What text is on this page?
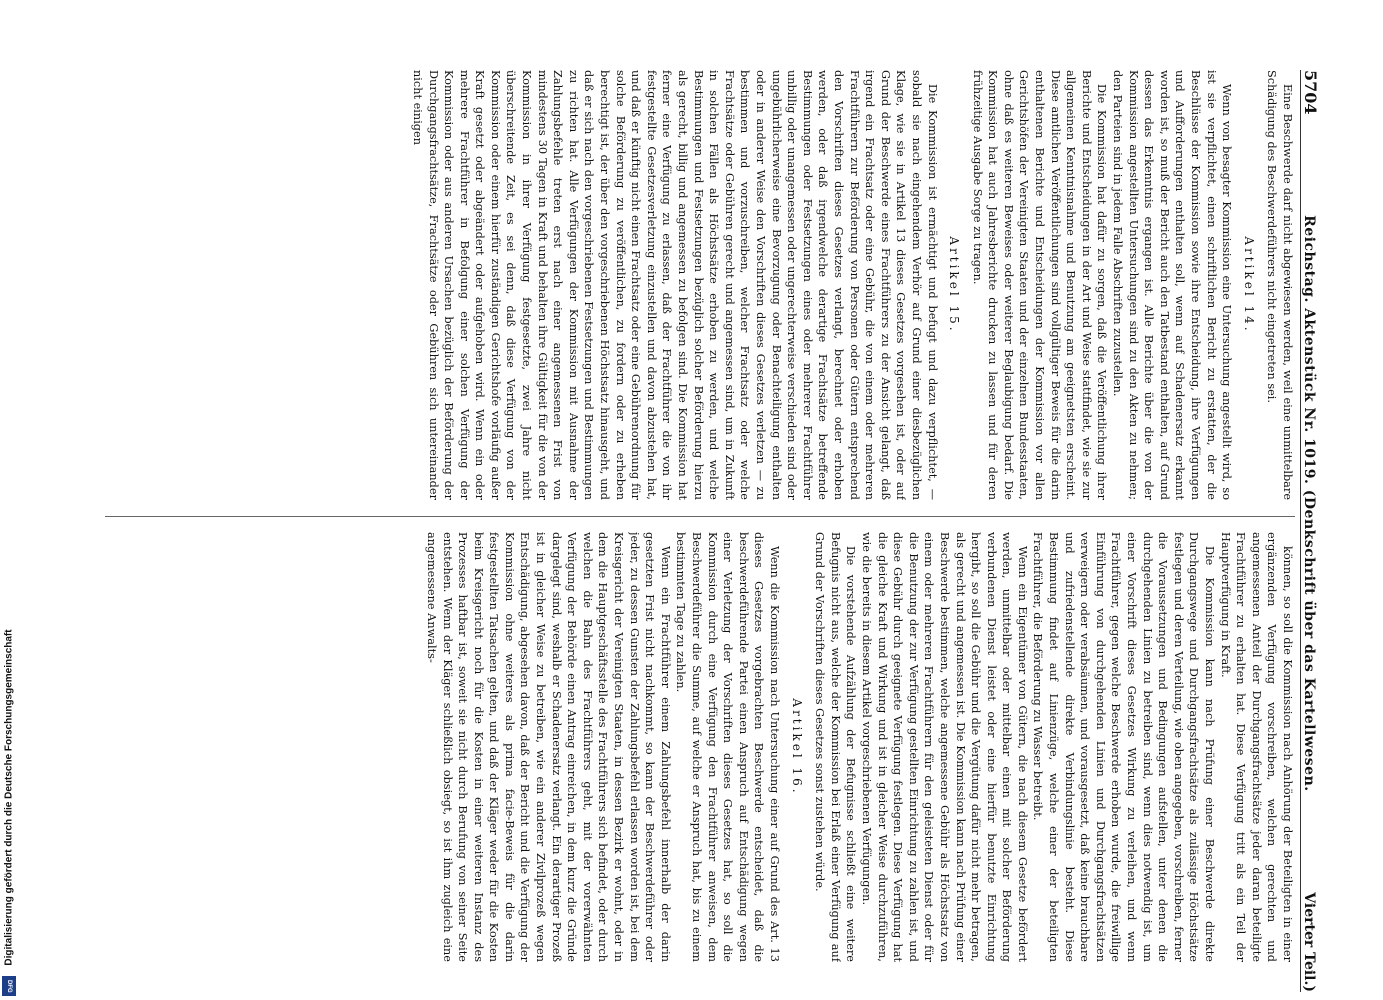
Digitalisierung gefördert durch die Deutsche Forschungsgemeinschaft
DFG
5704
Reichstag. Aktenstück Nr. 1019. (Denkschrift über das Kartellwesen.
Vierter Teil.)

Eine Beschwerde darf nicht abgewiesen werden, weil eine unmittelbare Schädigung des Beschwerdeführers nicht eingetreten sei.

Artikel 14.

Wenn von besagter Kommission eine Untersuchung angestellt wird, so ist sie verpflichtet, einen schriftlichen Bericht zu erstatten, der die Beschlüsse der Kommission sowie ihre Entscheidung, ihre Verfügungen und Aufforderungen enthalten soll, wenn auf Schadenersatz erkannt worden ist, so muß der Bericht auch den Tatbestand enthalten, auf Grund dessen das Erkenntnis ergangen ist. Alle Berichte über die von der Kommission angestellten Untersuchungen sind zu den Akten zu nehmen; den Parteien sind in jedem Falle Abschriften zuzustellen.

Die Kommission hat dafür zu sorgen, daß die Veröffentlichung ihrer Berichte und Entscheidungen in der Art und Weise stattfindet, wie sie zur allgemeinen Kenntnisnahme und Benutzung am geeignetsten erscheint. Diese amtlichen Veröffentlichungen sind vollgültiger Beweis für die darin enthaltenen Berichte und Entscheidungen der Kommission vor allen Gerichtshöfen der Vereinigten Staaten und der einzelnen Bundesstaaten, ohne daß es weiteren Beweises oder weiterer Beglaubigung bedarf. Die Kommission hat auch Jahresberichte drucken zu lassen und für deren frühzeitige Ausgabe Sorge zu tragen.

Artikel 15.

Die Kommission ist ermächtigt und befugt und dazu verpflichtet, — sobald sie nach eingehendem Verhör auf Grund einer diesbezüglichen Klage, wie sie in Artikel 13 dieses Gesetzes vorgesehen ist, oder auf Grund der Beschwerde eines Frachtführers zu der Ansicht gelangt, daß irgend ein Frachtsatz oder eine Gebühr, die von einem oder mehreren Frachtführern zur Beförderung von Personen oder Gütern entsprechend den Vorschriften dieses Gesetzes verlangt, berechnet oder erhoben werden, oder daß irgendwelche derartige Frachtsätze betreffende Bestimmungen oder Festsetzungen eines oder mehrerer Frachtführer unbillig oder unangemessen oder ungerechterweise verschieden sind oder ungebührlicherweise eine Bevorzugung oder Benachteiligung enthalten oder in anderer Weise den Vorschriften dieses Gesetzes verletzen — zu bestimmen und vorzuschreiben, welcher Frachtsatz oder welche Frachtsätze oder Gebühren gerecht und angemessen sind, um in Zukunft in solchen Fällen als Höchstsätze erhoben zu werden, und welche Bestimmungen und Festsetzungen bezüglich solcher Beförderung hierzu als gerecht, billig und angemessen zu befolgen sind. Die Kommission hat ferner eine Verfügung zu erlassen, daß der Frachtführer die von ihr festgestellte Gesetzesverletzung einzustellen und davon abzustehen hat, und daß er künftig nicht einen Frachtsatz oder eine Gebührenordnung für solche Beförderung zu veröffentlichen, zu fordern oder zu erheben berechtigt ist, der über den vorgeschriebenen Höchstsatz hinausgeht, und daß er sich nach den vorgeschriebenen Festsetzungen und Bestimmungen zu richten hat. Alle Verfügungen der Kommission mit Ausnahme der Zahlungsbefehle treten erst nach einer angemessenen Frist von mindestens 30 Tagen in Kraft und behalten ihre Gültigkeit für die von der Kommission in ihrer Verfügung festgesetzte, zwei Jahre nicht überschreitende Zeit, es sei denn, daß diese Verfügung von der Kommission oder einem hierfür zuständigen Gerichtshofe vorläufig außer Kraft gesetzt oder abgeändert oder aufgehoben wird. Wenn ein oder mehrere Frachtführer in Befolgung einer solchen Verfügung der Kommission oder aus anderen Ursachen bezüglich der Beförderung der Durchgangsfrachtsätze, Frachtsätze oder Gebühren sich untereinander nicht einigen

können, so soll die Kommission nach Anhörung der Beteiligten in einer ergänzenden Verfügung vorschreiben, welchen gerechten und angemessenen Anteil der Durchgangsfrachtsätze jeder daran beteiligte Frachtführer zu erhalten hat. Diese Verfügung tritt als ein Teil der Hauptverfügung in Kraft.

Die Kommission kann nach Prüfung einer Beschwerde direkte Durchgangswege und Durchgangsfrachtsätze als zulässige Höchstsätze festlegen und deren Verteilung, wie oben angegeben, vorschreiben, ferner die Voraussetzungen und Bedingungen aufstellen, unter denen die durchgehenden Linien zu betreiben sind, wenn dies notwendig ist, um einer Vorschrift dieses Gesetzes Wirkung zu verleihen, und wenn Frachtführer, gegen welche Beschwerde erhoben wurde, die freiwillige Einführung von durchgehenden Linien und Durchgangsfrachtsätzen verweigern oder verabsäumen, und vorausgesetzt, daß keine brauchbare und zufriedenstellende direkte Verbindungslinie besteht. Diese Bestimmung findet auf Linienzüge, welche einer der beteiligten Frachtführer, die Beförderung zu Wasser betreibt.

Wenn ein Eigentümer von Gütern, die nach diesem Gesetze befördert werden, unmittelbar oder mittelbar einen mit solcher Beförderung verbundenen Dienst leistet oder eine hierfür benutzte Einrichtung hergibt, so soll die Gebühr und die Vergütung dafür nicht mehr betragen, als gerecht und angemessen ist. Die Kommission kann nach Prüfung einer Beschwerde bestimmen, welche angemessene Gebühr als Höchstsatz von einem oder mehreren Frachtführern für den geleisteten Dienst oder für die Benutzung der zur Verfügung gestellten Einrichtung zu zahlen ist, und diese Gebühr durch geeignete Verfügung festlegen. Diese Verfügung hat die gleiche Kraft und Wirkung und ist in gleicher Weise durchzuführen, wie die bereits in diesem Artikel vorgeschriebenen Verfügungen.

Die vorstehende Aufzählung der Befugnisse schließt eine weitere Befugnis nicht aus, welche der Kommission bei Erlaß einer Verfügung auf Grund der Vorschriften dieses Gesetzes sonst zustehen würde.

Artikel 16.

Wenn die Kommission nach Untersuchung einer auf Grund des Art. 13 dieses Gesetzes vorgebrachten Beschwerde entscheidet, daß die beschwerdeführende Partei einen Anspruch auf Entschädigung wegen einer Verletzung der Vorschriften dieses Gesetzes hat, so soll die Kommission durch eine Verfügung den Frachtführer anweisen, dem Beschwerdeführer die Summe, auf welche er Anspruch hat, bis zu einem bestimmten Tage zu zahlen.

Wenn ein Frachtführer einem Zahlungsbefehl innerhalb der darin gesetzten Frist nicht nachkommt, so kann der Beschwerdeführer oder jeder, zu dessen Gunsten der Zahlungsbefehl erlassen worden ist, bei dem Kreisgericht der Vereinigten Staaten, in dessen Bezirk er wohnt, oder in dem die Hauptgeschäftsstelle des Frachtführers sich befindet, oder durch welchen die Bahn des Frachtführers geht, mit der vorerwähnten Verfügung der Behörde einen Antrag einreichen, in dem kurz die Gründe dargelegt sind, weshalb er Schadenersatz verlangt. Ein derartiger Prozeß ist in gleicher Weise zu betreiben, wie ein anderer Zivilprozeß wegen Entschädigung, abgesehen davon, daß der Bericht und die Verfügung der Kommission ohne weiteres als prima facie-Beweis für die darin festgestellten Tatsachen gelten, und daß der Kläger weder für die Kosten beim Kreisgericht noch für die Kosten in einer weiteren Instanz des Prozesses haftbar ist, soweit sie nicht durch Berufung von seiner Seite entstehen. Wenn der Kläger schließlich obsiegt, so ist ihm zugleich eine angemessene Anwalts-
